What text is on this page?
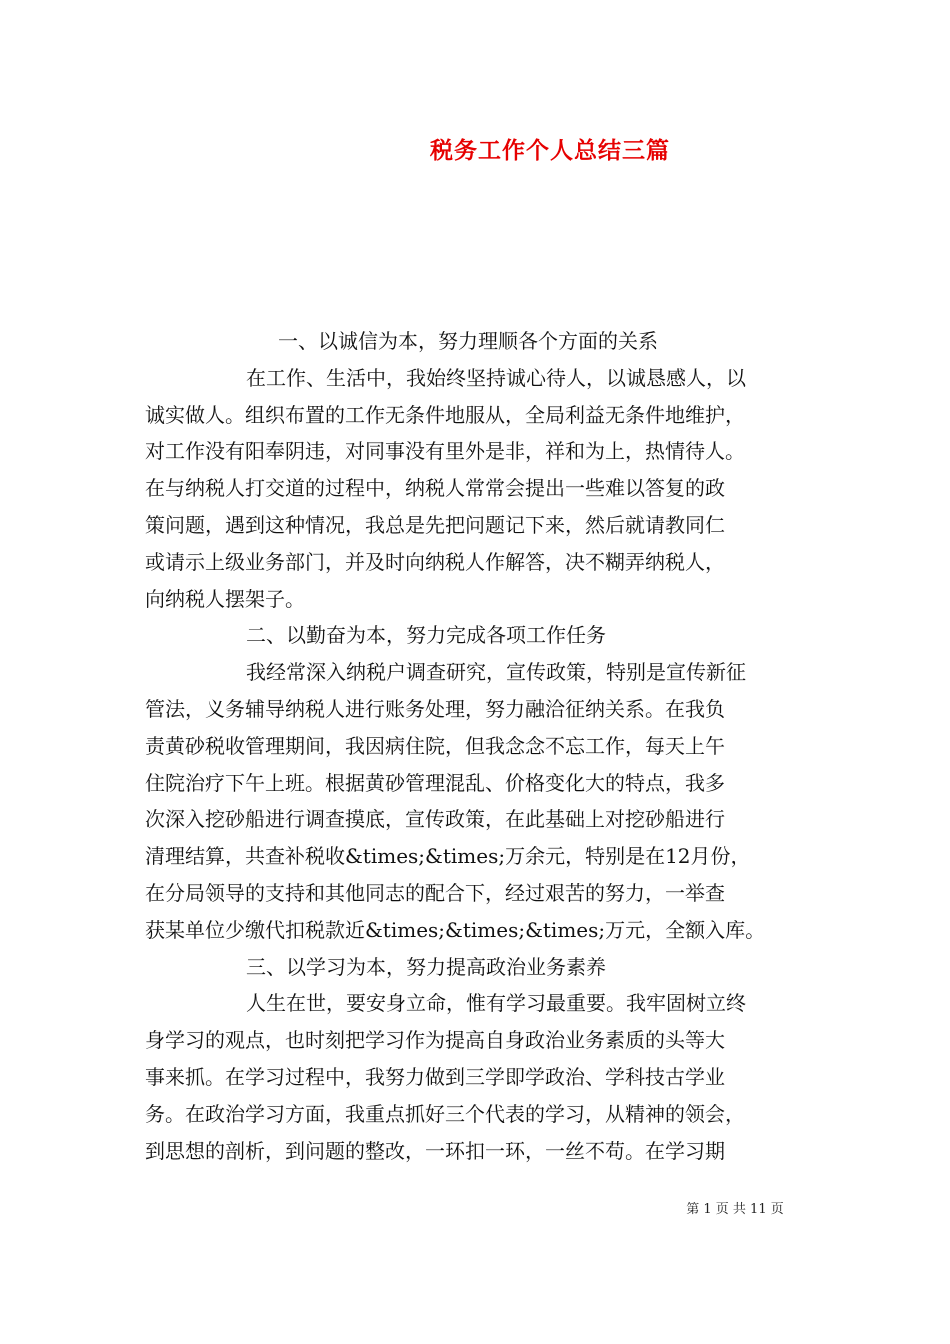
税务工作个人总结三篇
一、以诚信为本，努力理顺各个方面的关系
在工作、生活中，我始终坚持诚心待人，以诚恳感人，以
诚实做人。组织布置的工作无条件地服从，全局利益无条件地维护，
对工作没有阳奉阴违，对同事没有里外是非，祥和为上，热情待人。
在与纳税人打交道的过程中，纳税人常常会提出一些难以答复的政
策问题，遇到这种情况，我总是先把问题记下来，然后就请教同仁
或请示上级业务部门，并及时向纳税人作解答，决不糊弄纳税人，
向纳税人摆架子。
二、以勤奋为本，努力完成各项工作任务
我经常深入纳税户调查研究，宣传政策，特别是宣传新征
管法，义务辅导纳税人进行账务处理，努力融洽征纳关系。在我负
责黄砂税收管理期间，我因病住院，但我念念不忘工作，每天上午
住院治疗下午上班。根据黄砂管理混乱、价格变化大的特点，我多
次深入挖砂船进行调查摸底，宣传政策，在此基础上对挖砂船进行
清理结算，共查补税收&times;&times;万余元，特别是在12月份，
在分局领导的支持和其他同志的配合下，经过艰苦的努力，一举查
获某单位少缴代扣税款近&times;&times;&times;万元，全额入库。
三、以学习为本，努力提高政治业务素养
人生在世，要安身立命，惟有学习最重要。我牢固树立终
身学习的观点，也时刻把学习作为提高自身政治业务素质的头等大
事来抓。在学习过程中，我努力做到三学即学政治、学科技古学业
务。在政治学习方面，我重点抓好三个代表的学习，从精神的领会，
到思想的剖析，到问题的整改，一环扣一环，一丝不苟。在学习期
第 1 页 共 11 页
